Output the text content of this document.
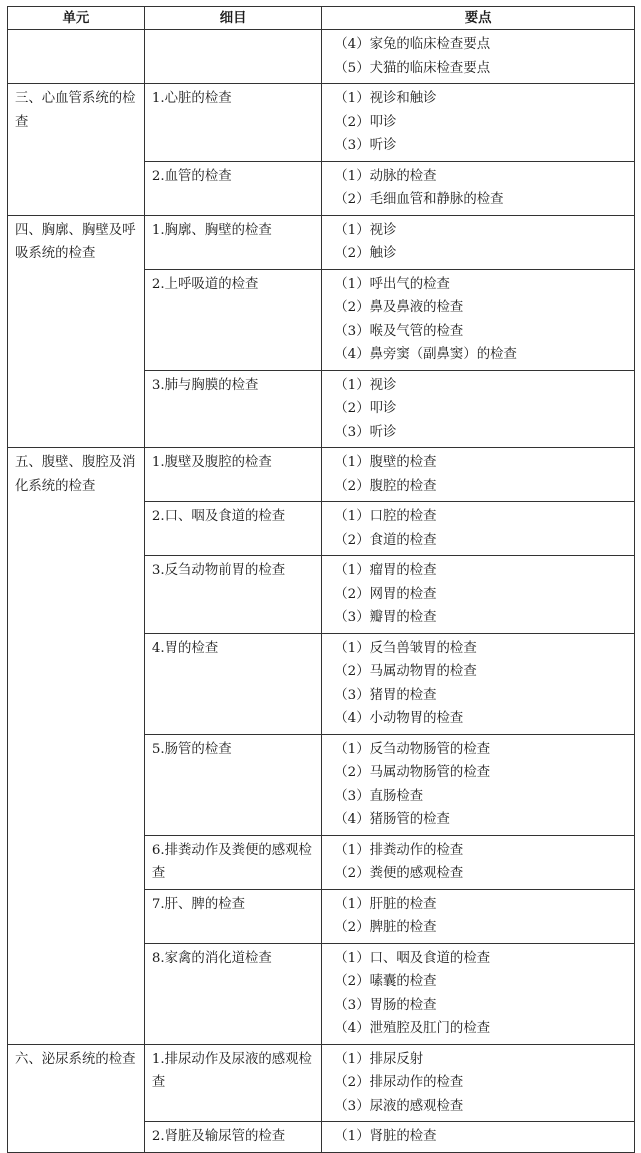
单元	细目	要点

		（4）家兔的临床检查要点
（5）犬猫的临床检查要点

三、心血管系统的检查	1.心脏的检查	（1）视诊和触诊
（2）叩诊
（3）听诊

	2.血管的检查	（1）动脉的检查
（2）毛细血管和静脉的检查

四、胸廓、胸壁及呼吸系统的检查	1.胸廓、胸壁的检查	（1）视诊
（2）触诊

	2.上呼吸道的检查	（1）呼出气的检查
（2）鼻及鼻液的检查
（3）喉及气管的检查
（4）鼻旁窦（副鼻窦）的检查

	3.肺与胸膜的检查	（1）视诊
（2）叩诊
（3）听诊

五、腹壁、腹腔及消化系统的检查	1.腹壁及腹腔的检查	（1）腹壁的检查
（2）腹腔的检查

	2.口、咽及食道的检查	（1）口腔的检查
（2）食道的检查

	3.反刍动物前胃的检查	（1）瘤胃的检查
（2）网胃的检查
（3）瓣胃的检查

	4.胃的检查	（1）反刍兽皱胃的检查
（2）马属动物胃的检查
（3）猪胃的检查
（4）小动物胃的检查

	5.肠管的检查	（1）反刍动物肠管的检查
（2）马属动物肠管的检查
（3）直肠检查
（4）猪肠管的检查

	6.排粪动作及粪便的感观检查	（1）排粪动作的检查
（2）粪便的感观检查

	7.肝、脾的检查	（1）肝脏的检查
（2）脾脏的检查

	8.家禽的消化道检查	（1）口、咽及食道的检查
（2）嗉囊的检查
（3）胃肠的检查
（4）泄殖腔及肛门的检查

六、泌尿系统的检查	1.排尿动作及尿液的感观检查	（1）排尿反射
（2）排尿动作的检查
（3）尿液的感观检查

	2.肾脏及输尿管的检查	（1）肾脏的检查
